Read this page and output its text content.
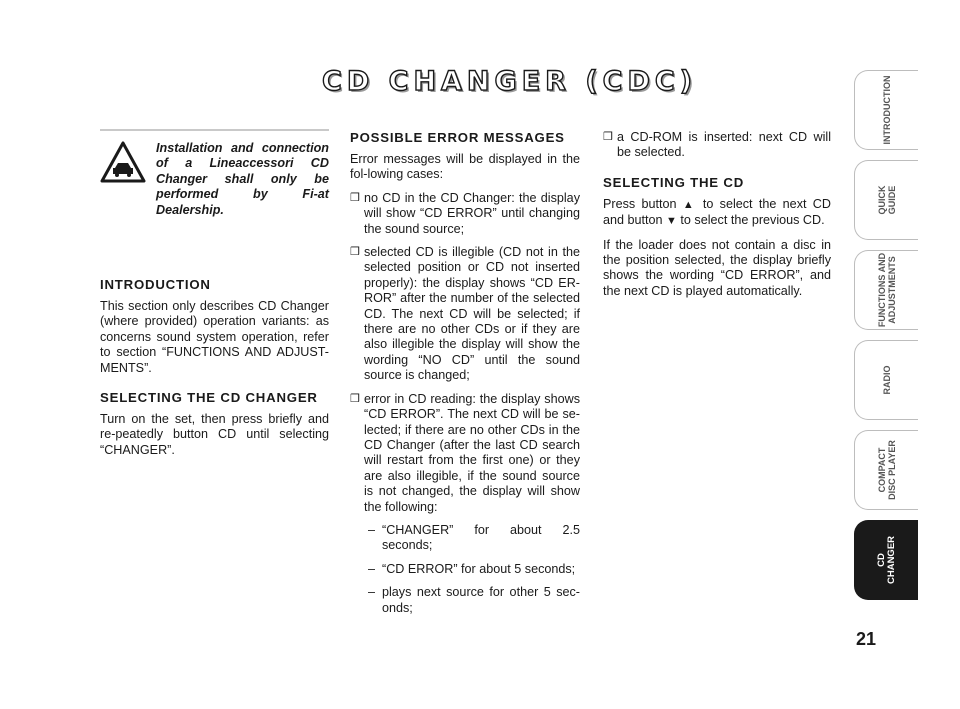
CD CHANGER (CDC)
Installation and connection of a Lineaccessori CD Changer shall only be performed by Fi-at Dealership.
INTRODUCTION

This section only describes CD Changer (where provided) operation variants: as concerns sound system operation, refer to section “FUNCTIONS AND ADJUST-MENTS”.

SELECTING THE CD CHANGER

Turn on the set, then press briefly and re-peatedly button CD until selecting “CHANGER”.

POSSIBLE ERROR MESSAGES

Error messages will be displayed in the fol-lowing cases:

❒ no CD in the CD Changer: the display will show “CD ERROR” until changing the sound source;
❒ selected CD is illegible (CD not in the selected position or CD not inserted properly): the display shows “CD ER-ROR” after the number of the selected CD. The next CD will be selected; if there are no other CDs or if they are also illegible the display will show the wording “NO CD” until the sound source is changed;
❒ error in CD reading: the display shows “CD ERROR”. The next CD will be se-lected; if there are no other CDs in the CD Changer (after the last CD search will restart from the first one) or they are also illegible, if the sound source is not changed, the display will show the following:
– “CHANGER” for about 2.5 seconds;
– “CD ERROR” for about 5 seconds;
– plays next source for other 5 sec-onds;
❒ a CD-ROM is inserted: next CD will be selected.
SELECTING THE CD

Press button ▲ to select the next CD and button ▼ to select the previous CD.

If the loader does not contain a disc in the position selected, the display briefly shows the wording “CD ERROR”, and the next CD is played automatically.

INTRODUCTION
QUICK
GUIDE
FUNCTIONS AND
ADJUSTMENTS
RADIO
COMPACT
DISC PLAYER
CD
CHANGER
21
